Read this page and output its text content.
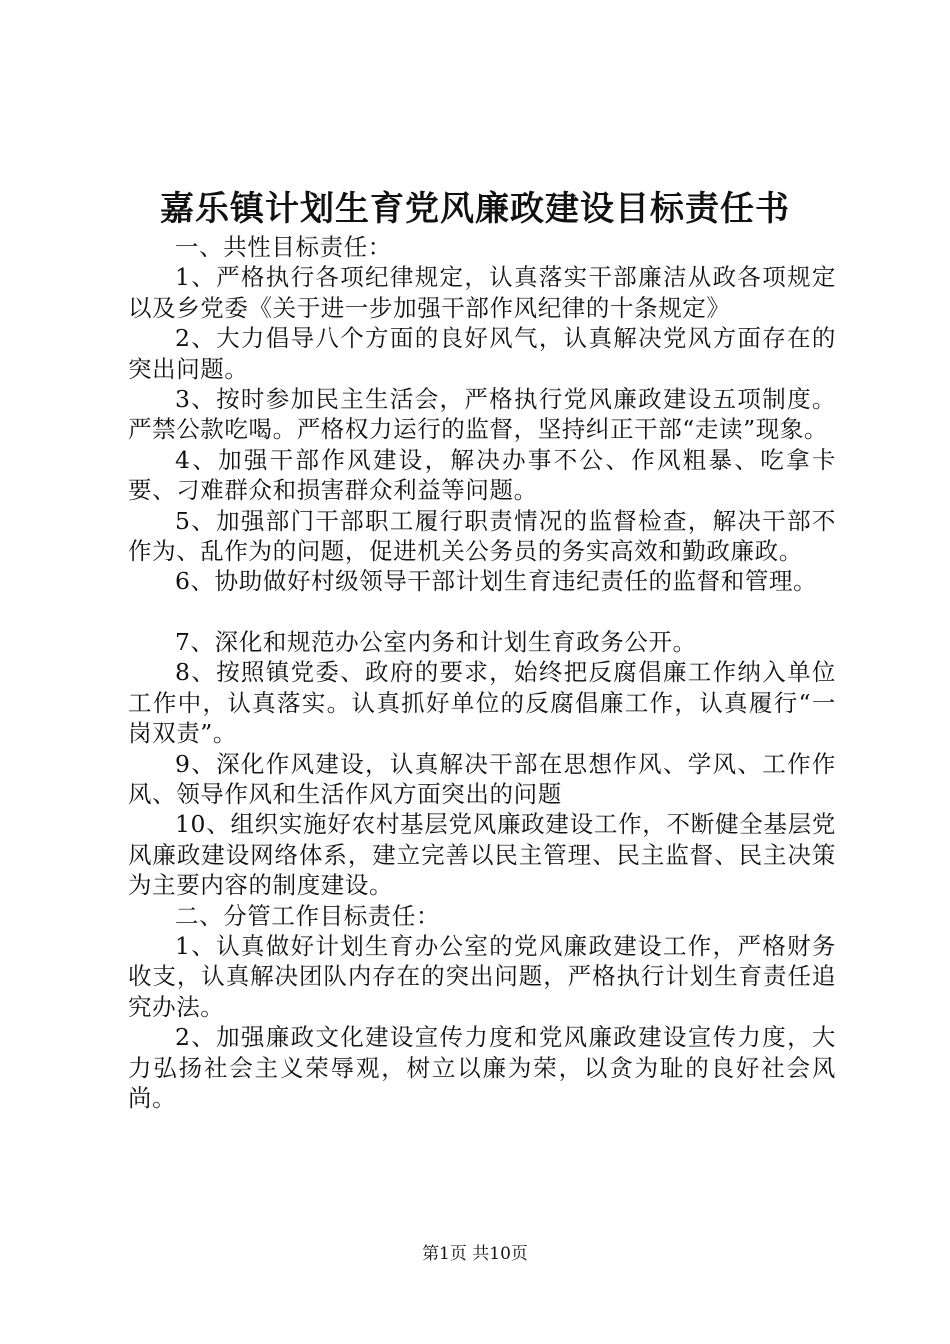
嘉乐镇计划生育党风廉政建设目标责任书

一、共性目标责任：

1、严格执行各项纪律规定，认真落实干部廉洁从政各项规定以及乡党委《关于进一步加强干部作风纪律的十条规定》

2、大力倡导八个方面的良好风气，认真解决党风方面存在的突出问题。

3、按时参加民主生活会，严格执行党风廉政建设五项制度。严禁公款吃喝。严格权力运行的监督，坚持纠正干部“走读”现象。

4、加强干部作风建设，解决办事不公、作风粗暴、吃拿卡要、刁难群众和损害群众利益等问题。

5、加强部门干部职工履行职责情况的监督检查，解决干部不作为、乱作为的问题，促进机关公务员的务实高效和勤政廉政。

6、协助做好村级领导干部计划生育违纪责任的监督和管理。

7、深化和规范办公室内务和计划生育政务公开。

8、按照镇党委、政府的要求，始终把反腐倡廉工作纳入单位工作中，认真落实。认真抓好单位的反腐倡廉工作，认真履行“一岗双责”。

9、深化作风建设，认真解决干部在思想作风、学风、工作作风、领导作风和生活作风方面突出的问题

10、组织实施好农村基层党风廉政建设工作，不断健全基层党风廉政建设网络体系，建立完善以民主管理、民主监督、民主决策为主要内容的制度建设。

二、分管工作目标责任：

1、认真做好计划生育办公室的党风廉政建设工作，严格财务收支，认真解决团队内存在的突出问题，严格执行计划生育责任追究办法。

2、加强廉政文化建设宣传力度和党风廉政建设宣传力度，大力弘扬社会主义荣辱观，树立以廉为荣，以贪为耻的良好社会风尚。

第1页 共10页
